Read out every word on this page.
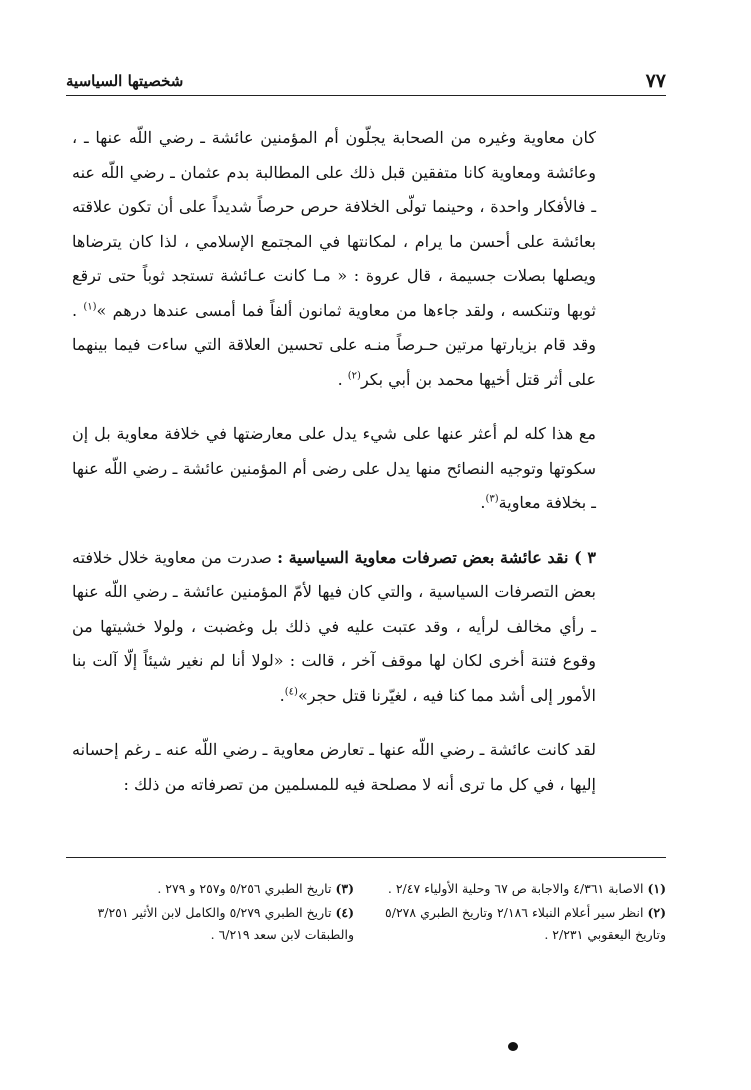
٧٧
شخصيتها السياسية

كان معاوية وغيره من الصحابة يجلّون أم المؤمنين عائشة ـ رضي اللّه عنها ـ ، وعائشة ومعاوية كانا متفقين قبل ذلك على المطالبة بدم عثمان ـ رضي اللّه عنه ـ فالأفكار واحدة ، وحينما تولّى الخلافة حرص حرصاً شديداً على أن تكون علاقته بعائشة على أحسن ما يرام ، لمكانتها في المجتمع الإسلامي ، لذا كان يترضاها ويصلها بصلات جسيمة ، قال عروة : « مـا كانت عـائشة تستجد ثوباً حتى ترقع ثوبها وتنكسه ، ولقد جاءها من معاوية ثمانون ألفاً فما أمسى عندها درهم »$^{(١)}$ . وقد قام بزيارتها مرتين حـرصاً منـه على تحسين العلاقة التي ساءت فيما بينهما على أثر قتل أخيها محمد بن أبي بكر$^{(٢)}$ .

مع هذا كله لم أعثر عنها على شيء يدل على معارضتها في خلافة معاوية بل إن سكوتها وتوجيه النصائح منها يدل على رضى أم المؤمنين عائشة ـ رضي اللّه عنها ـ بخلافة معاوية$^{(٣)}$.

٣ ) نقد عائشة بعض تصرفات معاوية السياسية : صدرت من معاوية خلال خلافته بعض التصرفات السياسية ، والتي كان فيها لأمّ المؤمنين عائشة ـ رضي اللّه عنها ـ رأي مخالف لرأيه ، وقد عتبت عليه في ذلك بل وغضبت ، ولولا خشيتها من وقوع فتنة أخرى لكان لها موقف آخر ، قالت : «لولا أنا لم نغير شيئاً إلّا آلت بنا الأمور إلى أشد مما كنا فيه ، لغيّرنا قتل حجر»$^{(٤)}$.

لقد كانت عائشة ـ رضي اللّه عنها ـ تعارض معاوية ـ رضي اللّه عنه ـ رغم إحسانه إليها ، في كل ما ترى أنه لا مصلحة فيه للمسلمين من تصرفاته من ذلك :

(١) الاصابة ٤/٣٦١ والاجابة ص ٦٧ وحلية الأولياء ٢/٤٧ .

(٢) انظر سير أعلام النبلاء ٢/١٨٦ وتاريخ الطبري ٥/٢٧٨ وتاريخ اليعقوبي ٢/٢٣١ .

(٣) تاريخ الطبري ٥/٢٥٦ و٢٥٧ و ٢٧٩ .

(٤) تاريخ الطبري ٥/٢٧٩ والكامل لابن الأثير ٣/٢٥١ والطبقات لابن سعد ٦/٢١٩ .
